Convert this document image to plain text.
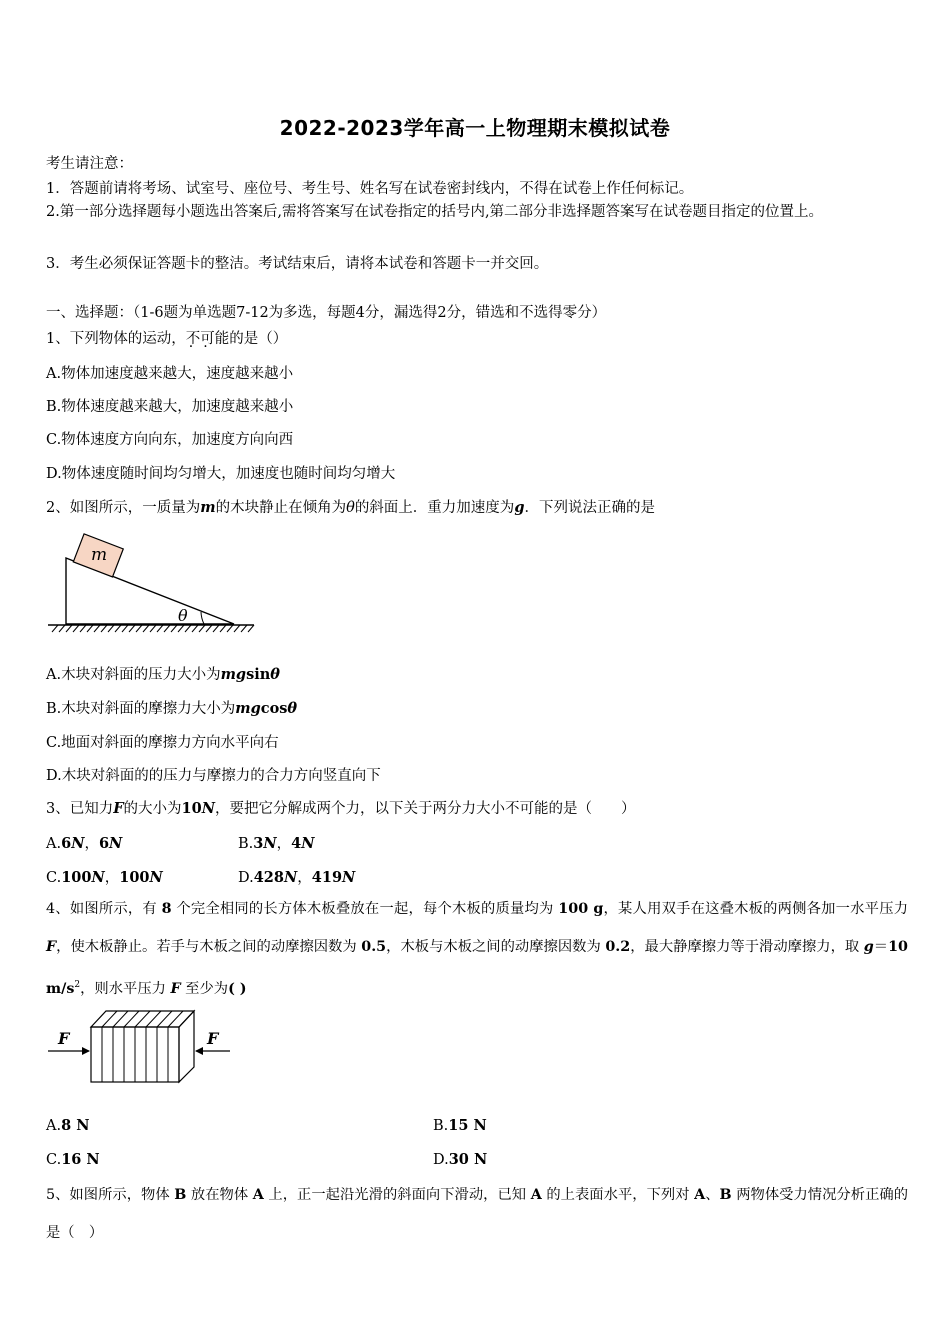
2022-2023学年高一上物理期末模拟试卷
考生请注意：
1．答题前请将考场、试室号、座位号、考生号、姓名写在试卷密封线内，不得在试卷上作任何标记。
2.第一部分选择题每小题选出答案后,需将答案写在试卷指定的括号内,第二部分非选择题答案写在试卷题目指定的位置上。
3．考生必须保证答题卡的整洁。考试结束后，请将本试卷和答题卡一并交回。
一、选择题：（1-6题为单选题7-12为多选，每题4分，漏选得2分，错选和不选得零分）
1、下列物体的运动，不可能的是（）
A.物体加速度越来越大，速度越来越小
B.物体速度越来越大，加速度越来越小
C.物体速度方向向东，加速度方向向西
D.物体速度随时间均匀增大，加速度也随时间均匀增大
2、如图所示，一质量为m的木块静止在倾角为θ的斜面上．重力加速度为g．下列说法正确的是
m
θ
A.木块对斜面的压力大小为mgsinθ
B.木块对斜面的摩擦力大小为mgcosθ
C.地面对斜面的摩擦力方向水平向右
D.木块对斜面的的压力与摩擦力的合力方向竖直向下
3、已知力F的大小为10N，要把它分解成两个力，以下关于两分力大小不可能的是（　　）
A.6N，6N	B.3N，4N
C.100N，100N	D.428N，419N
4、如图所示，有 8 个完全相同的长方体木板叠放在一起，每个木板的质量均为 100 g，某人用双手在这叠木板的两侧各加一水平压力 F，使木板静止。若手与木板之间的动摩擦因数为 0.5，木板与木板之间的动摩擦因数为 0.2，最大静摩擦力等于滑动摩擦力，取 g＝10 $m/s^2$，则水平压力 F 至少为( )
F	F
A.8 N	B.15 N
C.16 N	D.30 N
5、如图所示，物体 B 放在物体 A 上，正一起沿光滑的斜面向下滑动，已知 A 的上表面水平，下列对 A、B 两物体受力情况分析正确的是（　）
